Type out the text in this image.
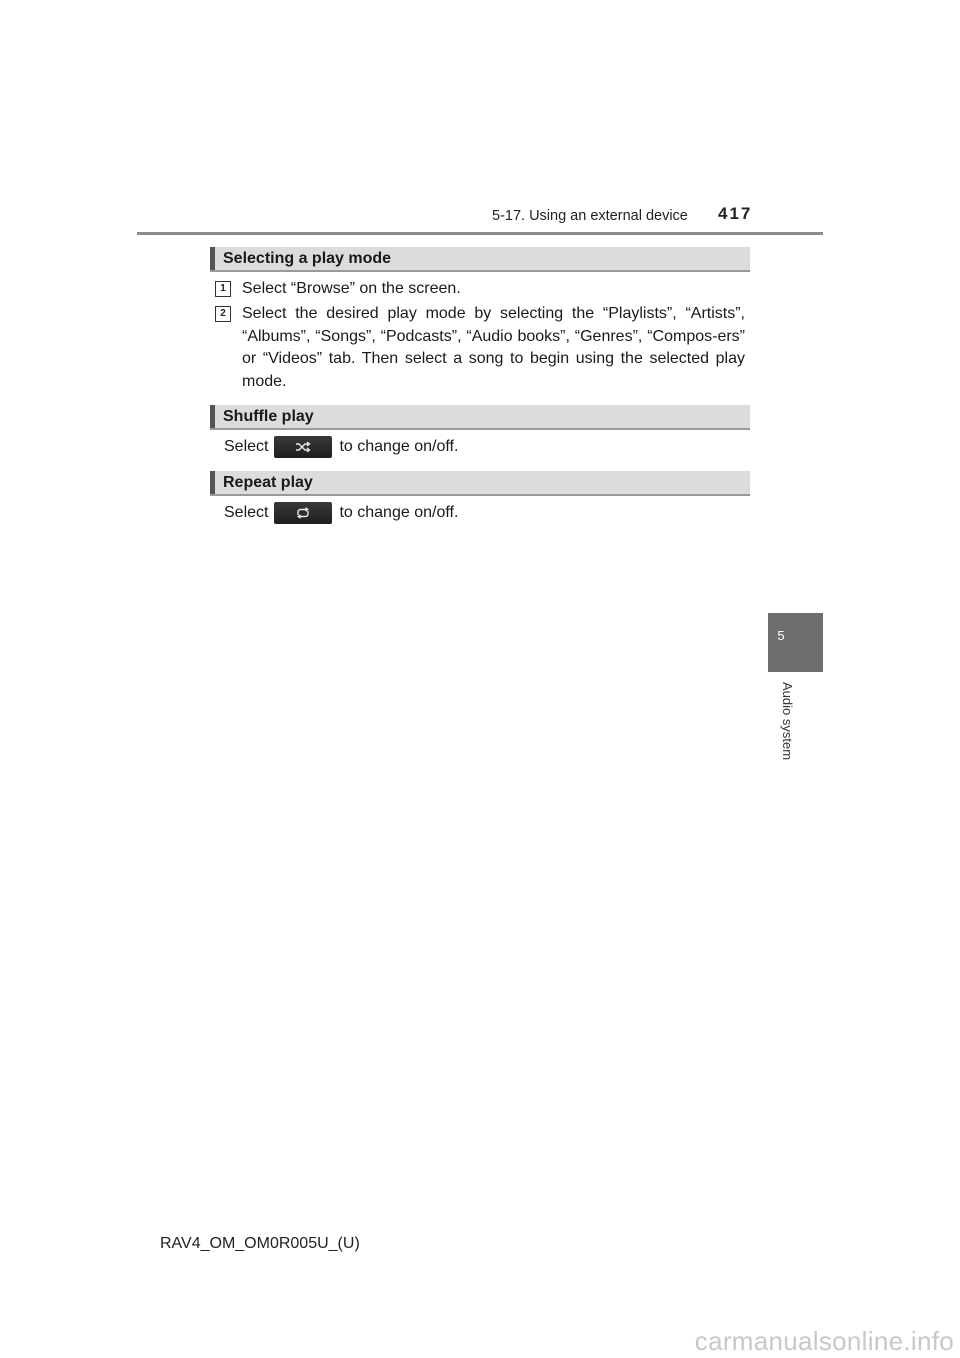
5-17. Using an external device 417
Selecting a play mode
1	Select “Browse” on the screen.
2	Select the desired play mode by selecting the “Playlists”, “Artists”, “Albums”, “Songs”, “Podcasts”, “Audio books”, “Genres”, “Compos-ers” or “Videos” tab. Then select a song to begin using the selected play mode.
Shuffle play
Select	to change on/off.
Repeat play
Select	to change on/off.
5
Audio system
RAV4_OM_OM0R005U_(U)
carmanualsonline.info
